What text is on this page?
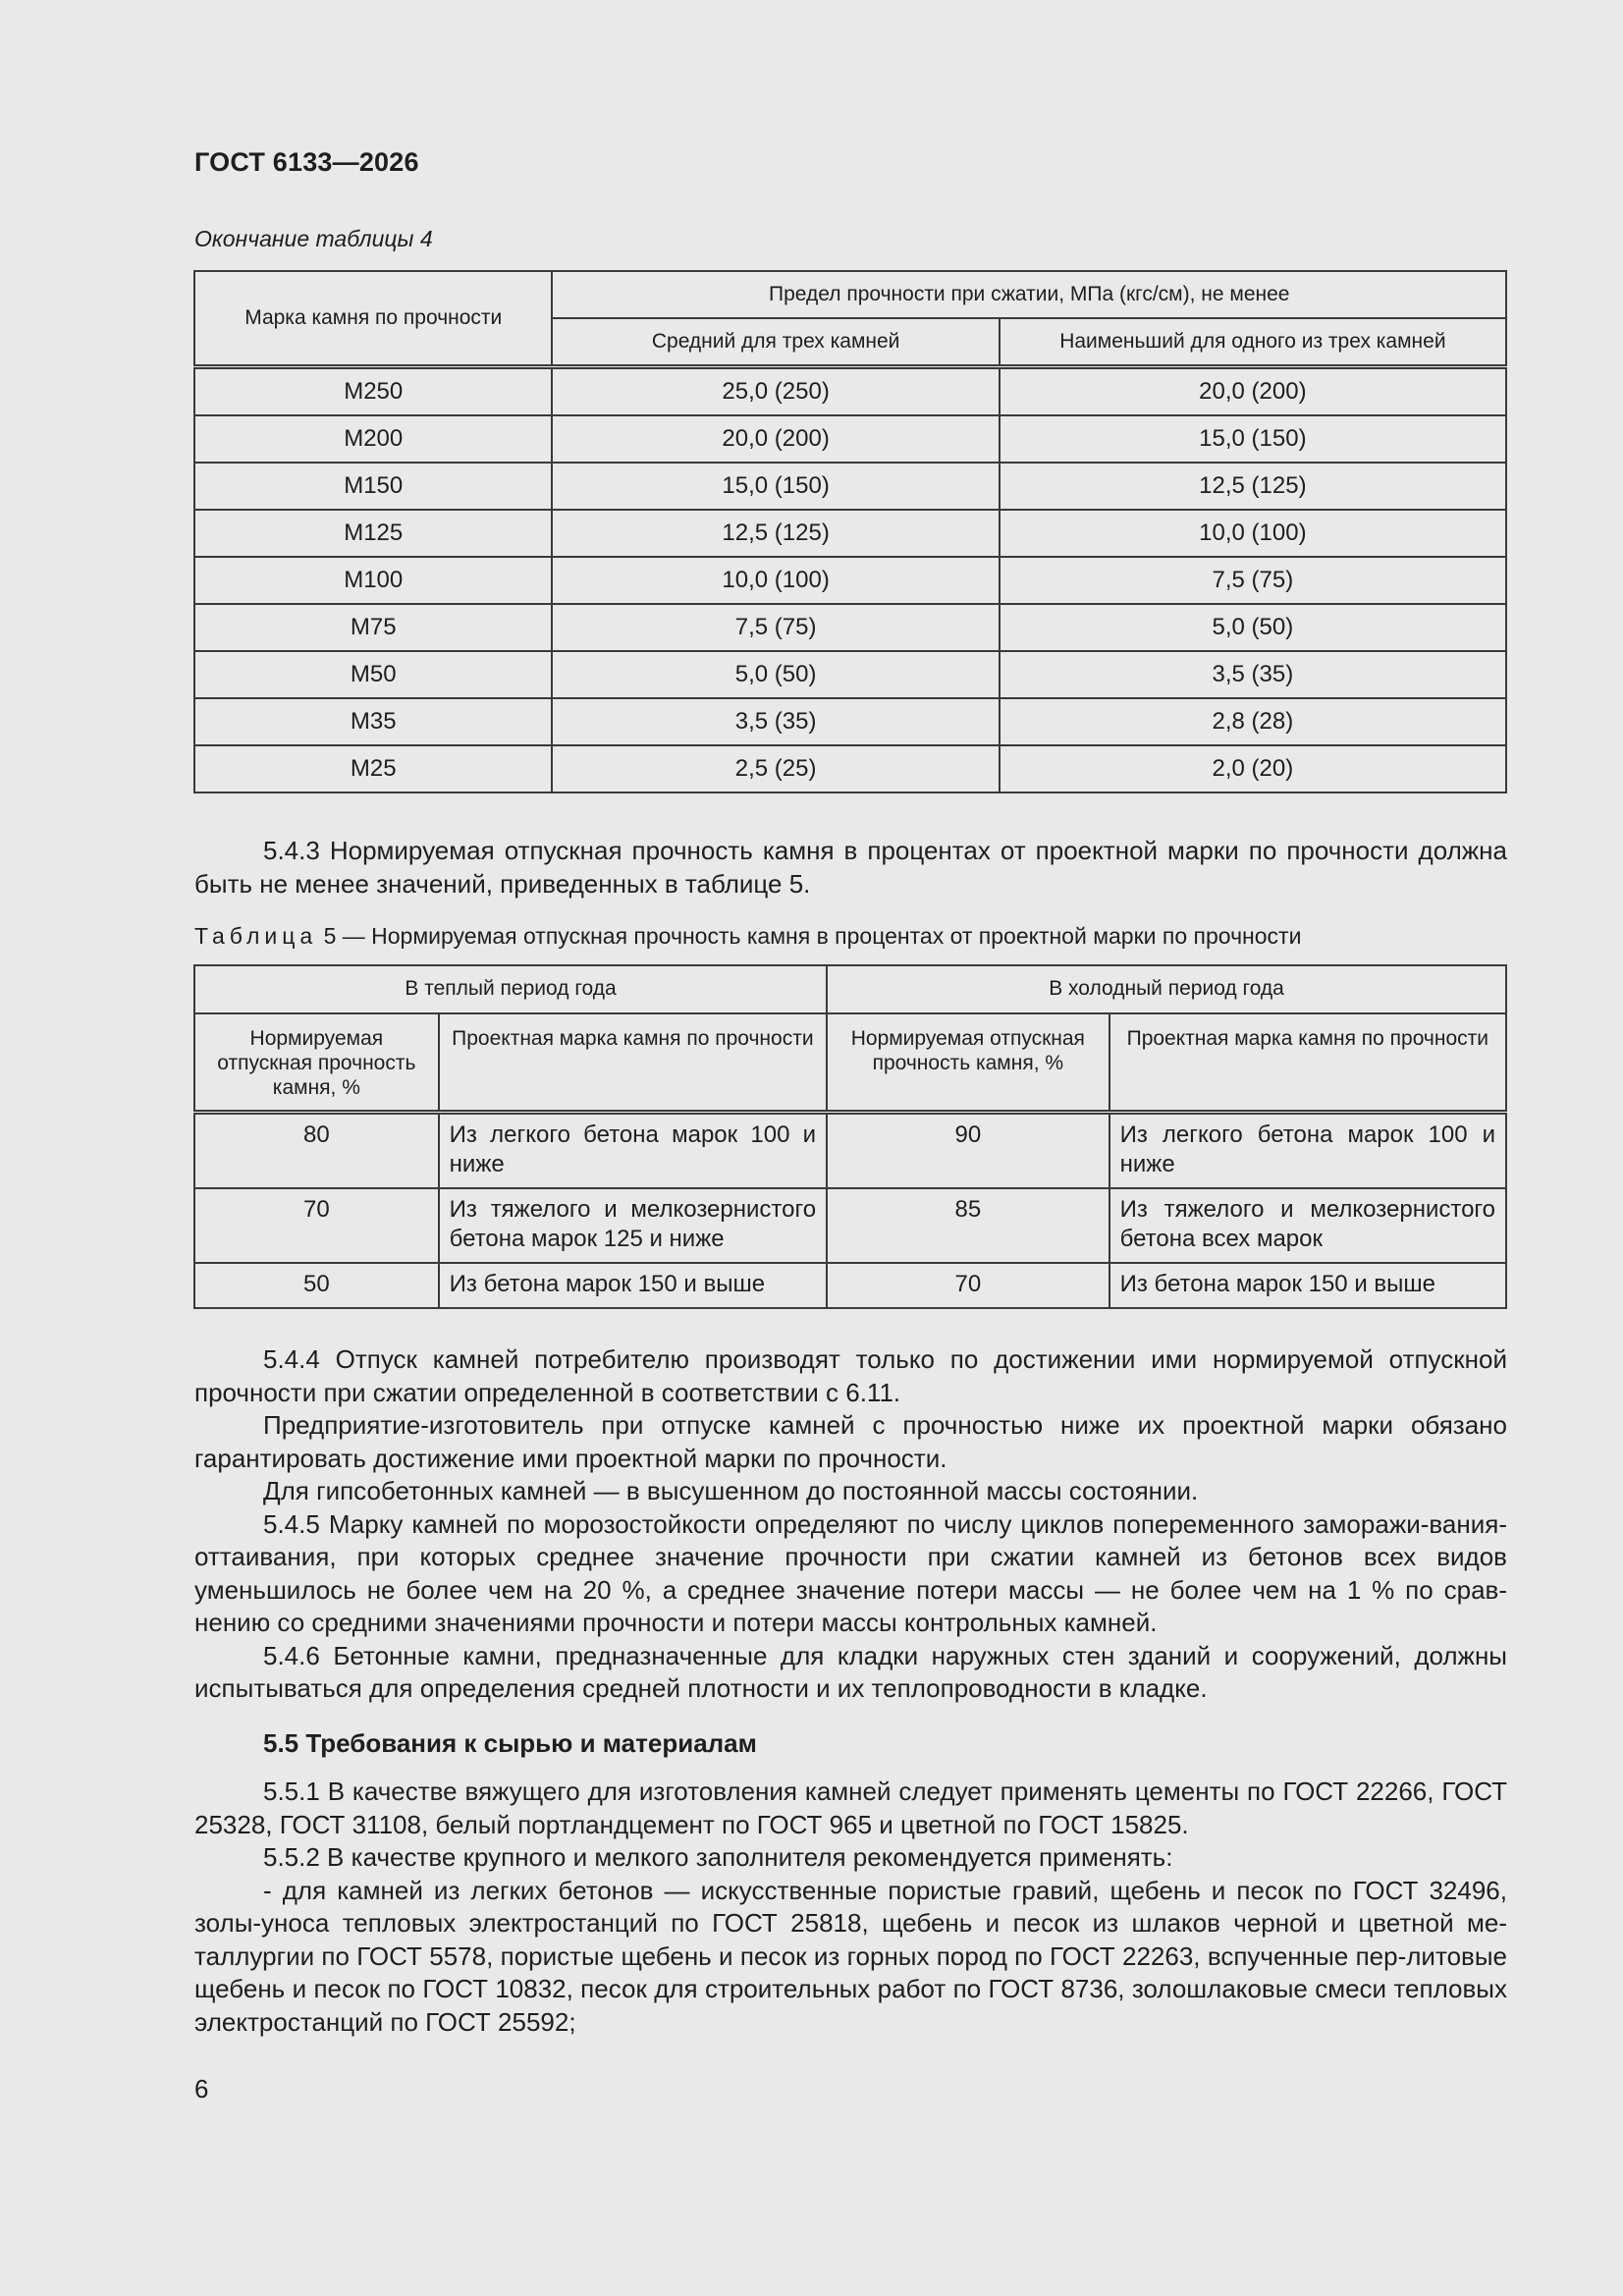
ГОСТ 6133—2026
Окончание таблицы 4
Марка камня по прочности	Предел прочности при сжатии, МПа (кгс/см), не менее	
	Средний для трех камней	Наименьший для одного из трех камней
М250	25,0 (250)	20,0 (200)
М200	20,0 (200)	15,0 (150)
М150	15,0 (150)	12,5 (125)
М125	12,5 (125)	10,0 (100)
М100	10,0 (100)	7,5 (75)
М75	7,5 (75)	5,0 (50)
М50	5,0 (50)	3,5 (35)
М35	3,5 (35)	2,8 (28)
М25	2,5 (25)	2,0 (20)

5.4.3 Нормируемая отпускная прочность камня в процентах от проектной марки по прочности должна быть не менее значений, приведенных в таблице 5.

Таблица 5 — Нормируемая отпускная прочность камня в процентах от проектной марки по прочности
В теплый период года		В холодный период года	
Нормируемая отпускная прочность камня, %	Проектная марка камня по прочности	Нормируемая отпускная прочность камня, %	Проектная марка камня по прочности
80	Из легкого бетона марок 100 и ниже	90	Из легкого бетона марок 100 и ниже
70	Из тяжелого и мелкозернистого бетона марок 125 и ниже	85	Из тяжелого и мелкозернистого бетона всех марок
50	Из бетона марок 150 и выше	70	Из бетона марок 150 и выше

5.4.4 Отпуск камней потребителю производят только по достижении ими нормируемой отпускной прочности при сжатии определенной в соответствии с 6.11.

Предприятие-изготовитель при отпуске камней с прочностью ниже их проектной марки обязано гарантировать достижение ими проектной марки по прочности.

Для гипсобетонных камней — в высушенном до постоянной массы состоянии.

5.4.5 Марку камней по морозостойкости определяют по числу циклов попеременного заморажи-вания-оттаивания, при которых среднее значение прочности при сжатии камней из бетонов всех видов уменьшилось не более чем на 20 %, а среднее значение потери массы — не более чем на 1 % по срав-нению со средними значениями прочности и потери массы контрольных камней.

5.4.6 Бетонные камни, предназначенные для кладки наружных стен зданий и сооружений, должны испытываться для определения средней плотности и их теплопроводности в кладке.

5.5 Требования к сырью и материалам

5.5.1 В качестве вяжущего для изготовления камней следует применять цементы по ГОСТ 22266, ГОСТ 25328, ГОСТ 31108, белый портландцемент по ГОСТ 965 и цветной по ГОСТ 15825.

5.5.2 В качестве крупного и мелкого заполнителя рекомендуется применять:

- для камней из легких бетонов — искусственные пористые гравий, щебень и песок по ГОСТ 32496, золы-уноса тепловых электростанций по ГОСТ 25818, щебень и песок из шлаков черной и цветной ме-таллургии по ГОСТ 5578, пористые щебень и песок из горных пород по ГОСТ 22263, вспученные пер-литовые щебень и песок по ГОСТ 10832, песок для строительных работ по ГОСТ 8736, золошлаковые смеси тепловых электростанций по ГОСТ 25592;

6
